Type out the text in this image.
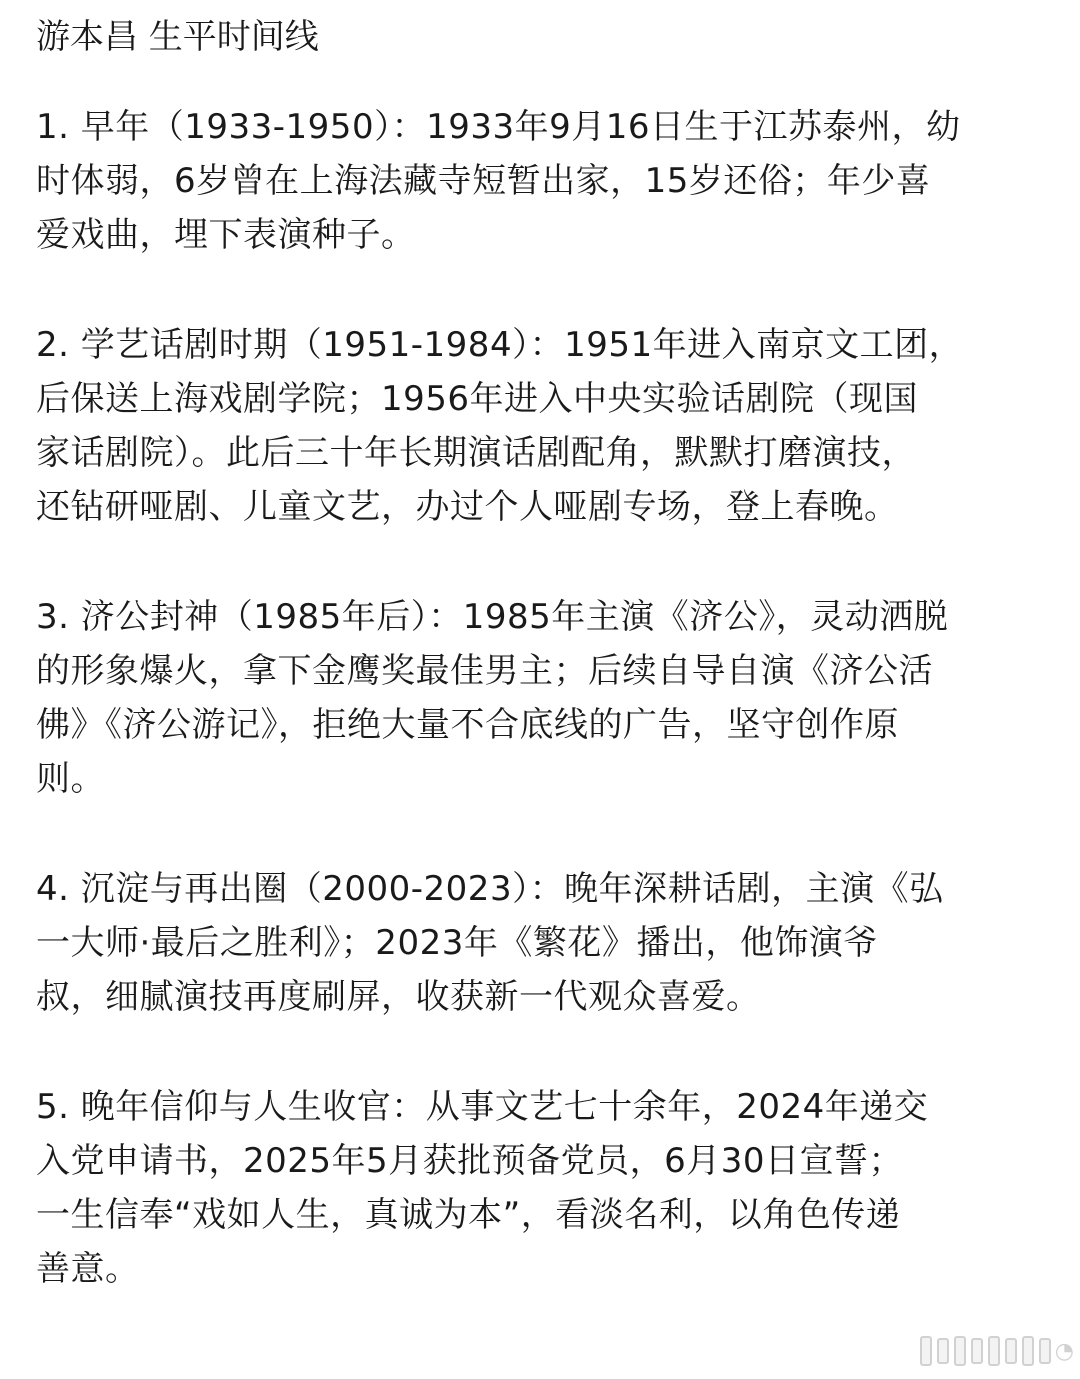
游本昌 生平时间线
1. 早年（1933-1950）：1933年9月16日生于江苏泰州，幼
时体弱，6岁曾在上海法藏寺短暂出家，15岁还俗；年少喜
爱戏曲，埋下表演种子。
2. 学艺话剧时期（1951-1984）：1951年进入南京文工团，
后保送上海戏剧学院；1956年进入中央实验话剧院（现国
家话剧院）。此后三十年长期演话剧配角，默默打磨演技，
还钻研哑剧、儿童文艺，办过个人哑剧专场，登上春晚。
3. 济公封神（1985年后）：1985年主演《济公》，灵动洒脱
的形象爆火，拿下金鹰奖最佳男主；后续自导自演《济公活
佛》《济公游记》，拒绝大量不合底线的广告，坚守创作原
则。
4. 沉淀与再出圈（2000-2023）：晚年深耕话剧，主演《弘
一大师·最后之胜利》；2023年《繁花》播出，他饰演爷
叔，细腻演技再度刷屏，收获新一代观众喜爱。
5. 晚年信仰与人生收官：从事文艺七十余年，2024年递交
入党申请书，2025年5月获批预备党员，6月30日宣誓；
一生信奉“戏如人生，真诚为本”，看淡名利，以角色传递
善意。
◔
